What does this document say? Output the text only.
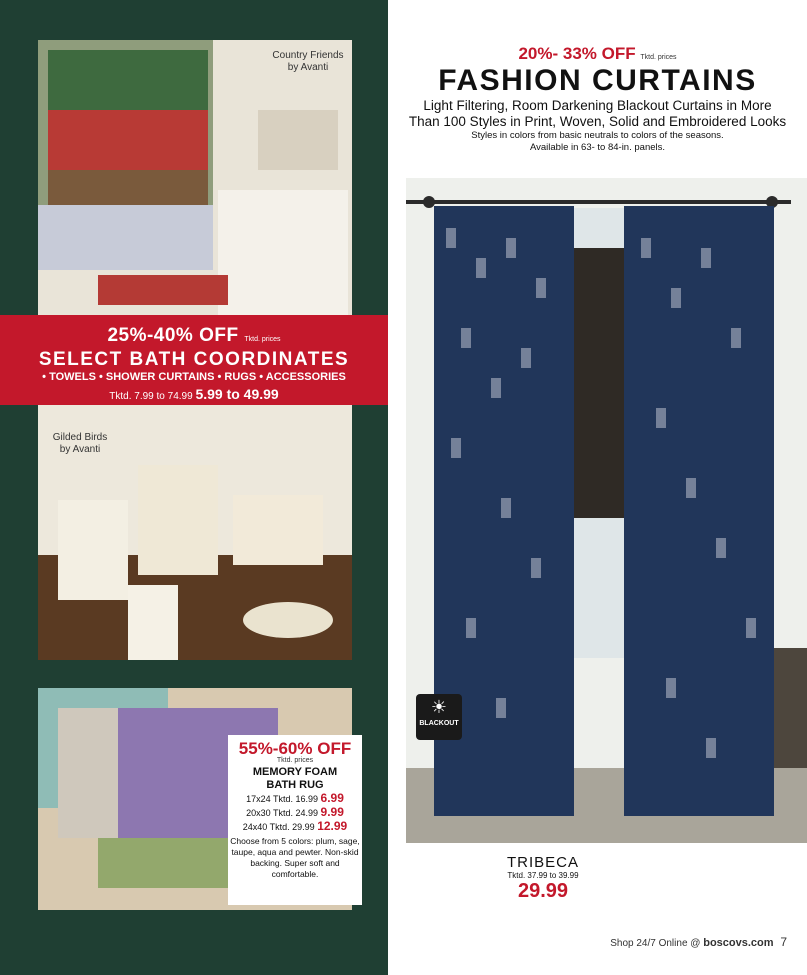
Country Friends
by Avanti
25%-40% OFF Tktd. prices
SELECT BATH COORDINATES
• TOWELS • SHOWER CURTAINS • RUGS • ACCESSORIES
Tktd. 7.99 to 74.99 5.99 to 49.99
Gilded Birds
by Avanti
55%-60% OFF
Tktd. prices
MEMORY FOAM
BATH RUG
17x24 Tktd. 16.99 6.99
20x30 Tktd. 24.99 9.99
24x40 Tktd. 29.99 12.99
Choose from 5 colors: plum, sage, taupe, aqua and pewter. Non-skid backing. Super soft and comfortable.
20%- 33% OFF Tktd. prices
FASHION CURTAINS
Light Filtering, Room Darkening Blackout Curtains in More
Than 100 Styles in Print, Woven, Solid and Embroidered Looks
Styles in colors from basic neutrals to colors of the seasons.
Available in 63- to 84-in. panels.
☀
BLACKOUT
TRIBECA
Tktd. 37.99 to 39.99
29.99
Shop 24/7 Online @ boscovs.com 7
